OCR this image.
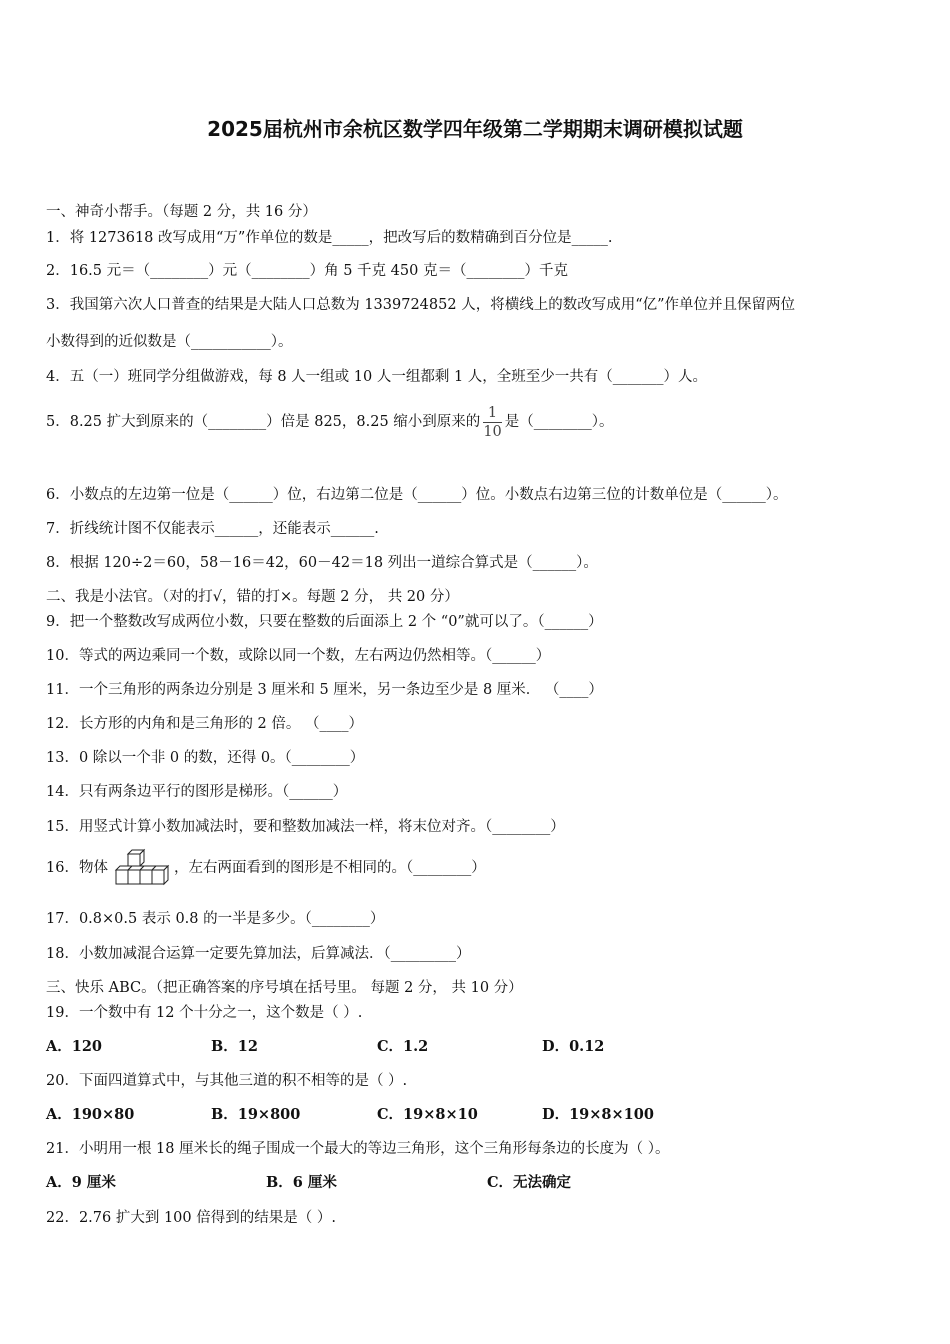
2025届杭州市余杭区数学四年级第二学期期末调研模拟试题
一、神奇小帮手。（每题 2 分，共 16 分）
1．将 1273618 改写成用“万”作单位的数是_____，把改写后的数精确到百分位是_____.
2．16.5 元＝（________）元（________）角 5 千克 450 克＝（________）千克
3．我国第六次人口普查的结果是大陆人口总数为 1339724852 人，将横线上的数改写成用“亿”作单位并且保留两位
小数得到的近似数是（___________）。
4．五（一）班同学分组做游戏，每 8 人一组或 10 人一组都剩 1 人，全班至少一共有（_______）人。
5．8.25 扩大到原来的（________）倍是 825，8.25 缩小到原来的 $\frac{1}{10}$ 是（________）。
6．小数点的左边第一位是（______）位，右边第二位是（______）位。小数点右边第三位的计数单位是（______）。
7．折线统计图不仅能表示______，还能表示______.
8．根据 120÷2＝60，58－16＝42，60－42＝18 列出一道综合算式是（______）。
二、我是小法官。（对的打√，错的打×。每题 2 分， 共 20 分）
9．把一个整数改写成两位小数，只要在整数的后面添上 2 个 “0”就可以了。（______）
10．等式的两边乘同一个数，或除以同一个数，左右两边仍然相等。（______）
11．一个三角形的两条边分别是 3 厘米和 5 厘米，另一条边至少是 8 厘米． （____）
12．长方形的内角和是三角形的 2 倍。 （____）
13．0 除以一个非 0 的数，还得 0。（________）
14．只有两条边平行的图形是梯形。（______）
15．用竖式计算小数加减法时，要和整数加减法一样，将末位对齐。（________）
16．物体	，左右两面看到的图形是不相同的。（________）
17．0.8×0.5 表示 0.8 的一半是多少。（________）
18．小数加减混合运算一定要先算加法，后算减法．（_________）
三、快乐 ABC。（把正确答案的序号填在括号里。 每题 2 分， 共 10 分）
19．一个数中有 12 个十分之一，这个数是（ ）.
A．120	B．12	C．1.2	D．0.12
20．下面四道算式中，与其他三道的积不相等的是（ ）.
A．190×80	B．19×800	C．19×8×10	D．19×8×100
21．小明用一根 18 厘米长的绳子围成一个最大的等边三角形，这个三角形每条边的长度为（ ）。
A．9 厘米	B．6 厘米	C．无法确定
22．2.76 扩大到 100 倍得到的结果是（ ）.
